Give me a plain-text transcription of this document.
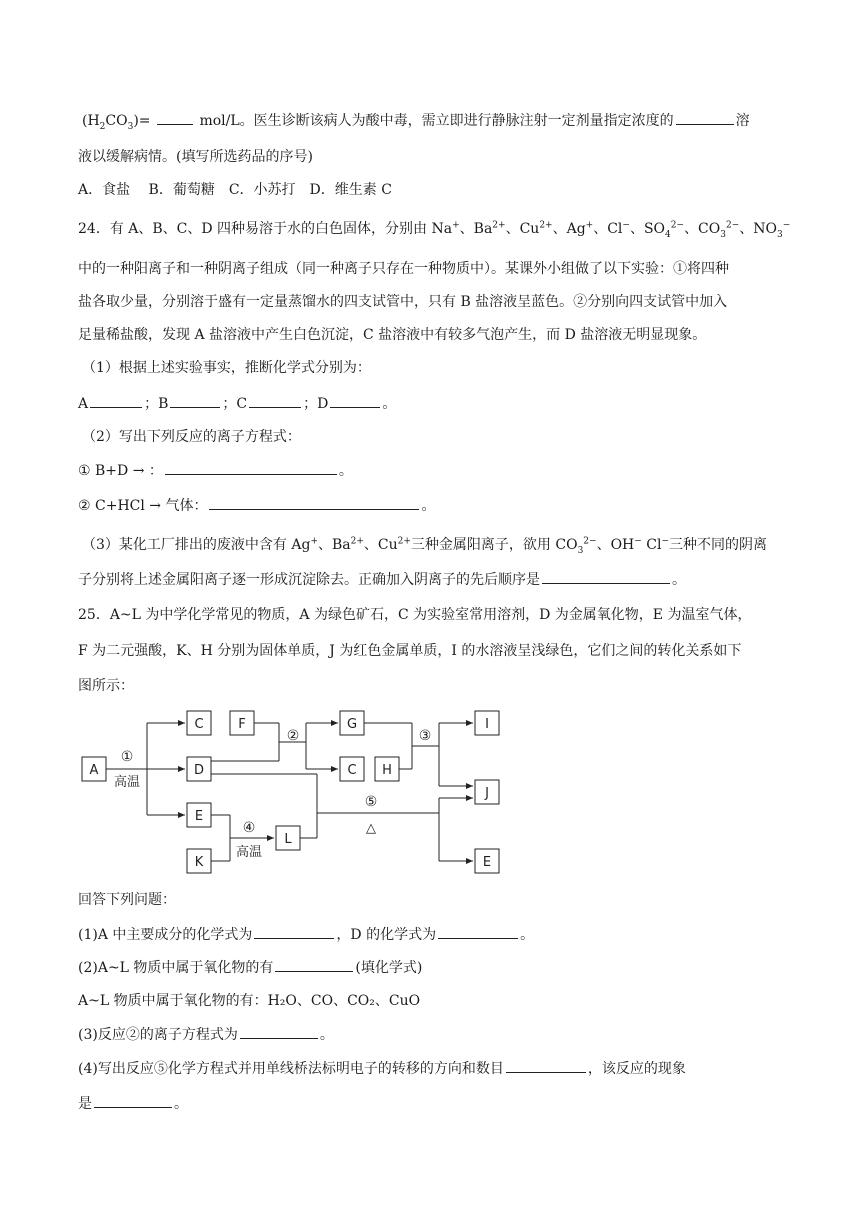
$(H_2CO_3)=$	mol/L。医生诊断该病人为酸中毒，需立即进行静脉注射一定剂量指定浓度的	溶
液以缓解病情。(填写所选药品的序号)
A．食盐　 B．葡萄糖　C．小苏打　D．维生素 C
24．有 A、B、C、D 四种易溶于水的白色固体，分别由 Na+、$Ba^{2+}$、$Cu^{2+}$、Ag+、Cl−、$SO_4^{2-}$、$CO_3^{2-}$、$NO_3^-$
中的一种阳离子和一种阴离子组成（同一种离子只存在一种物质中）。某课外小组做了以下实验：①将四种
盐各取少量，分别溶于盛有一定量蒸馏水的四支试管中，只有 B 盐溶液呈蓝色。②分别向四支试管中加入
足量稀盐酸，发现 A 盐溶液中产生白色沉淀，C 盐溶液中有较多气泡产生，而 D 盐溶液无明显现象。
（1）根据上述实验事实，推断化学式分别为：
A	；B	；C	；D	。
（2）写出下列反应的离子方程式：
① B+D → ：	。
② C+HCl → 气体：	。
（3）某化工厂排出的废液中含有 Ag+、$Ba^{2+}$、$Cu^{2+}$三种金属阳离子，欲用 $CO_3^{2-}$、OH− Cl−三种不同的阴离
子分别将上述金属阳离子逐一形成沉淀除去。正确加入阴离子的先后顺序是	。
25．A~L 为中学化学常见的物质，A 为绿色矿石，C 为实验室常用溶剂，D 为金属氧化物，E 为温室气体，
F 为二元强酸，K、H 分别为固体单质，J 为红色金属单质，I 的水溶液呈浅绿色，它们之间的转化关系如下
图所示：
A
C
D
E
K
F	G
C H
L
I
J
E
①
高温
②	③
④
高温
⑤
△
回答下列问题：
(1)A 中主要成分的化学式为	，D 的化学式为	。
(2)A~L 物质中属于氧化物的有	(填化学式)
A~L 物质中属于氧化物的有：H₂O、CO、CO₂、CuO
(3)反应②的离子方程式为	。
(4)写出反应⑤化学方程式并用单线桥法标明电子的转移的方向和数目	，该反应的现象
是	。
